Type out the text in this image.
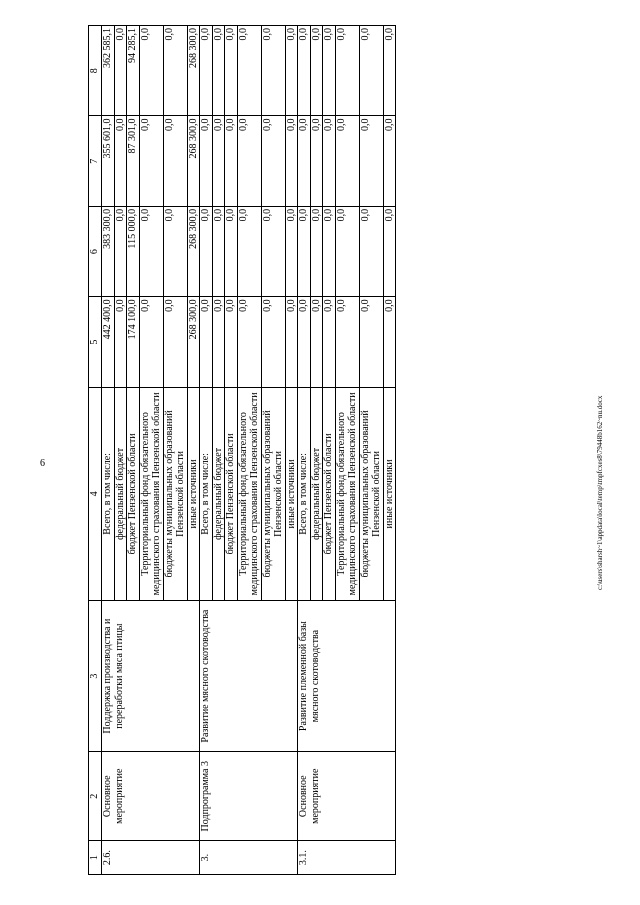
6
1	2	3	4	5	6	7	8
2.6.	Основное мероприятие	Поддержка производства и переработки мяса птицы	Всего, в том числе:	442 400,0	383 300,0	355 601,0	362 585,1
			федеральный бюджет	0,0	0,0	0,0	0,0
			бюджет Пензенской области	174 100,0	115 000,0	87 301,0	94 285,1
			Территориальный фонд обязательного медицинского страхования Пензенской области	0,0	0,0	0,0	0,0
			бюджеты муниципальных образований Пензенской области	0,0	0,0	0,0	0,0
			иные источники	268 300,0	268 300,0	268 300,0	268 300,0
3.	Подпрограмма 3	Развитие мясного скотоводства	Всего, в том числе:	0,0	0,0	0,0	0,0
			федеральный бюджет	0,0	0,0	0,0	0,0
			бюджет Пензенской области	0,0	0,0	0,0	0,0
			Территориальный фонд обязательного медицинского страхования Пензенской области	0,0	0,0	0,0	0,0
			бюджеты муниципальных образований Пензенской области	0,0	0,0	0,0	0,0
			иные источники	0,0	0,0	0,0	0,0
3.1.	Основное мероприятие	Развитие племенной базы мясного скотоводства	Всего, в том числе:	0,0	0,0	0,0	0,0
			федеральный бюджет	0,0	0,0	0,0	0,0
			бюджет Пензенской области	0,0	0,0	0,0	0,0
			Территориальный фонд обязательного медицинского страхования Пензенской области	0,0	0,0	0,0	0,0
			бюджеты муниципальных образований Пензенской области	0,0	0,0	0,0	0,0
			иные источники	0,0	0,0	0,0	0,0
c:\users\sharsh~1\appdata\local\temp\tmpfcxes8\79448b162~nu.docx
